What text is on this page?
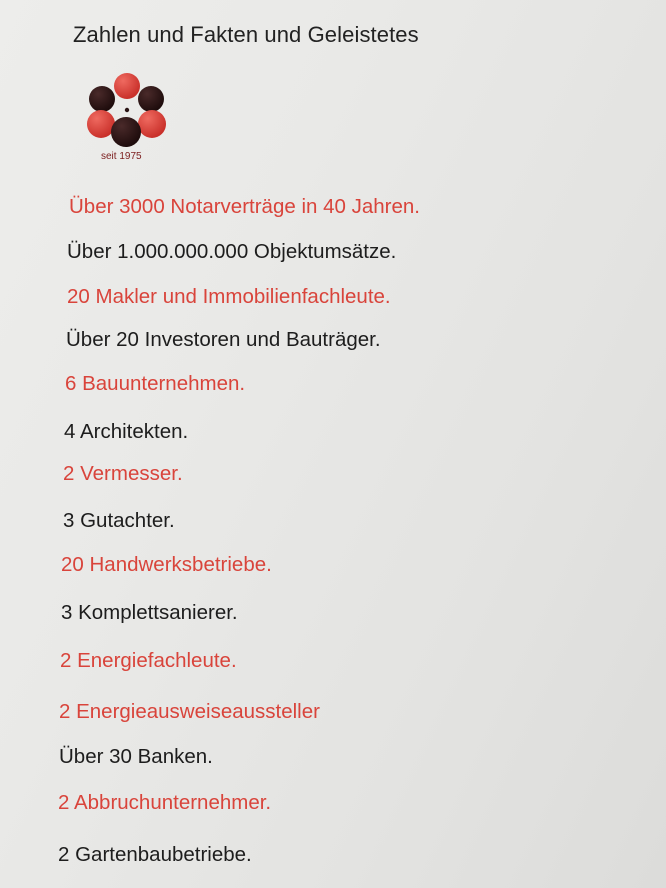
Zahlen und Fakten und Geleistetes
seit 1975
Über 3000 Notarverträge in 40 Jahren.
Über 1.000.000.000 Objektumsätze.
20 Makler und Immobilienfachleute.
Über 20 Investoren und Bauträger.
6 Bauunternehmen.
4 Architekten.
2 Vermesser.
3 Gutachter.
20 Handwerksbetriebe.
3 Komplettsanierer.
2 Energiefachleute.
2 Energieausweiseaussteller
Über 30 Banken.
2 Abbruchunternehmer.
2 Gartenbaubetriebe.
